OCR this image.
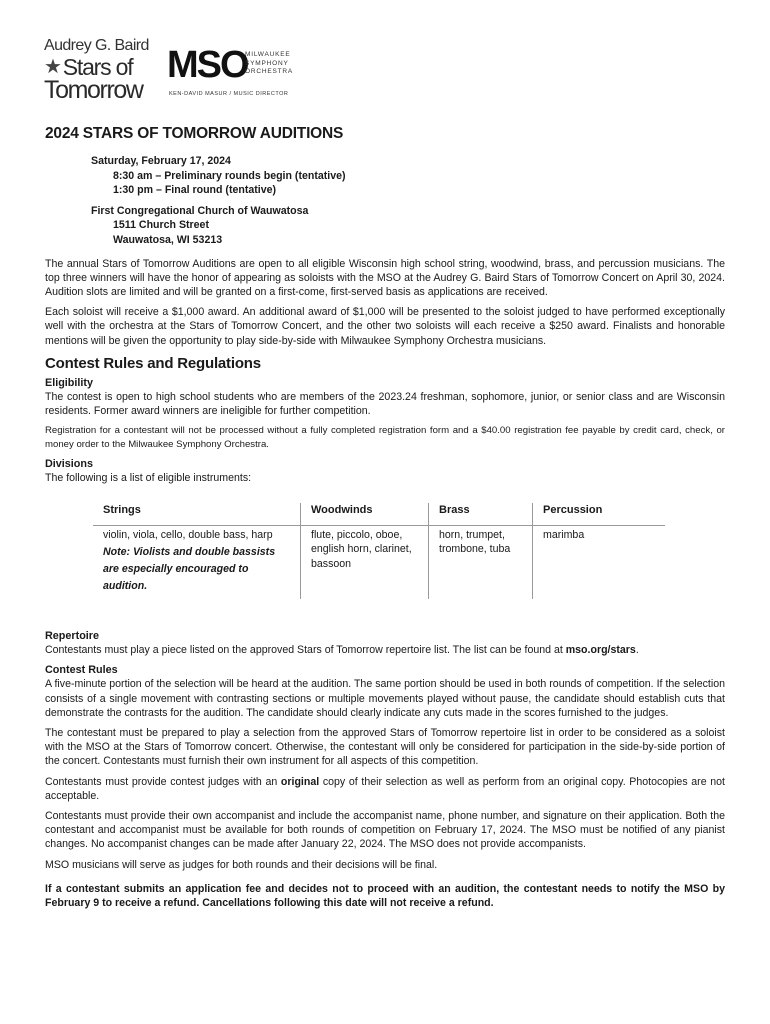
Audrey G. Baird
★ Stars of
Tomorrow
MSO
MILWAUKEE
SYMPHONY
ORCHESTRA
KEN-DAVID MASUR / MUSIC DIRECTOR
2024 STARS OF TOMORROW AUDITIONS
Saturday, February 17, 2024
8:30 am – Preliminary rounds begin (tentative)
1:30 pm – Final round (tentative)
First Congregational Church of Wauwatosa
1511 Church Street
Wauwatosa, WI 53213

The annual Stars of Tomorrow Auditions are open to all eligible Wisconsin high school string, woodwind, brass, and percussion musicians. The top three winners will have the honor of appearing as soloists with the MSO at the Audrey G. Baird Stars of Tomorrow Concert on April 30, 2024. Audition slots are limited and will be granted on a first-come, first-served basis as applications are received.

Each soloist will receive a $1,000 award. An additional award of $1,000 will be presented to the soloist judged to have performed exceptionally well with the orchestra at the Stars of Tomorrow Concert, and the other two soloists will each receive a $250 award. Finalists and honorable mentions will be given the opportunity to play side-by-side with Milwaukee Symphony Orchestra musicians.

Contest Rules and Regulations
Eligibility

The contest is open to high school students who are members of the 2023.24 freshman, sophomore, junior, or senior class and are Wisconsin residents. Former award winners are ineligible for further competition.

Registration for a contestant will not be processed without a fully completed registration form and a $40.00 registration fee payable by credit card, check, or money order to the Milwaukee Symphony Orchestra.

Divisions

The following is a list of eligible instruments:

Strings
violin, viola, cello, double bass, harp
Note: Violists and double bassists are especially encouraged to audition.
Woodwinds
flute, piccolo, oboe, english horn, clarinet, bassoon
Brass
horn, trumpet, trombone, tuba
Percussion
marimba
Repertoire

Contestants must play a piece listed on the approved Stars of Tomorrow repertoire list. The list can be found at mso.org/stars.

Contest Rules

A five-minute portion of the selection will be heard at the audition. The same portion should be used in both rounds of competition. If the selection consists of a single movement with contrasting sections or multiple movements played without pause, the candidate should establish cuts that demonstrate the contrasts for the audition. The candidate should clearly indicate any cuts made in the scores furnished to the judges.

The contestant must be prepared to play a selection from the approved Stars of Tomorrow repertoire list in order to be considered as a soloist with the MSO at the Stars of Tomorrow concert. Otherwise, the contestant will only be considered for participation in the side-by-side portion of the concert. Contestants must furnish their own instrument for all aspects of this competition.

Contestants must provide contest judges with an original copy of their selection as well as perform from an original copy. Photocopies are not acceptable.

Contestants must provide their own accompanist and include the accompanist name, phone number, and signature on their application. Both the contestant and accompanist must be available for both rounds of competition on February 17, 2024. The MSO must be notified of any pianist changes. No accompanist changes can be made after January 22, 2024. The MSO does not provide accompanists.

MSO musicians will serve as judges for both rounds and their decisions will be final.

If a contestant submits an application fee and decides not to proceed with an audition, the contestant needs to notify the MSO by February 9 to receive a refund. Cancellations following this date will not receive a refund.
